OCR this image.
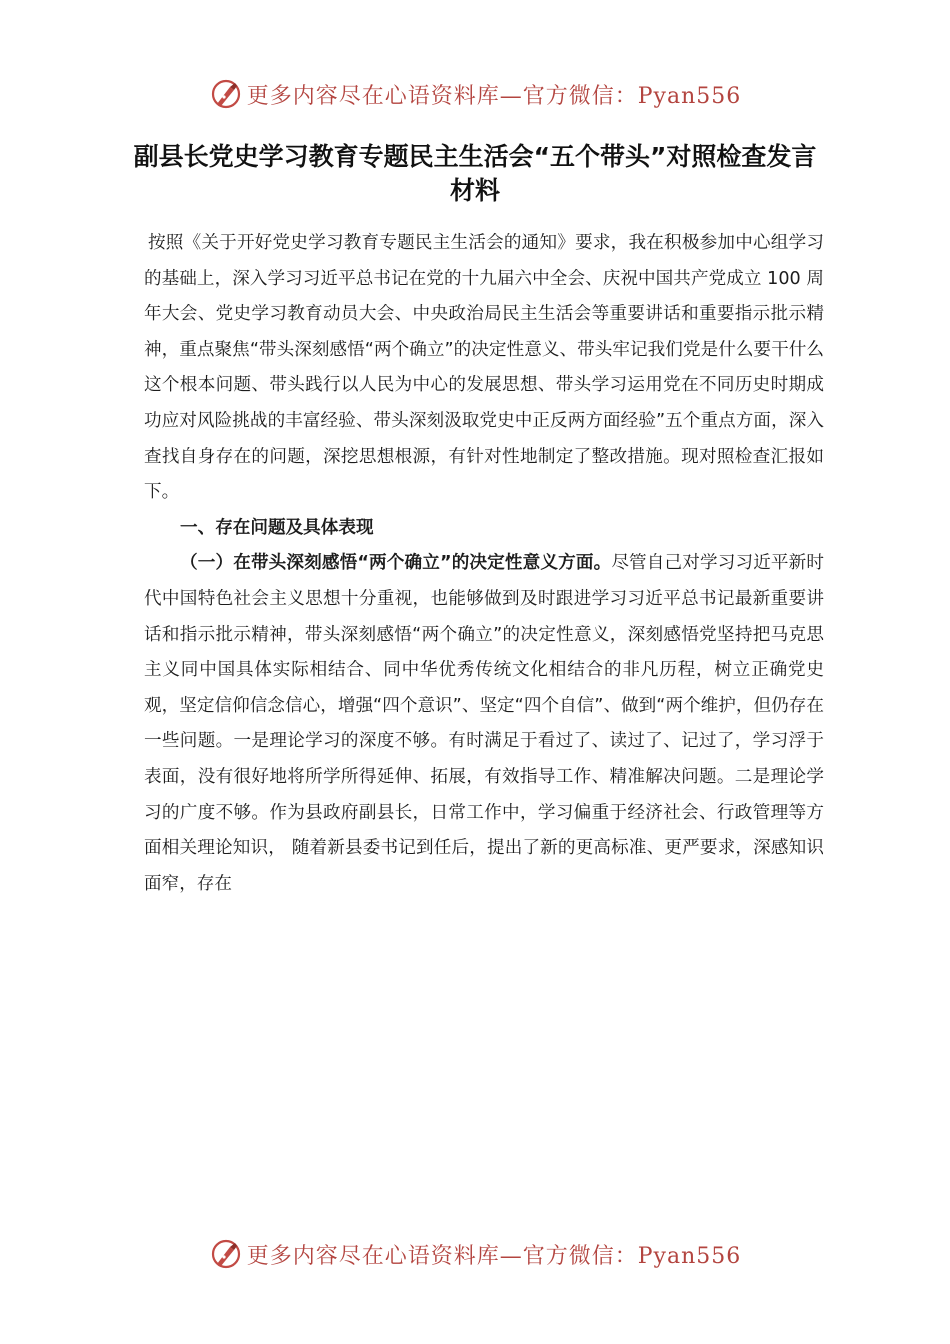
更多内容尽在心语资料库—官方微信：Pyan556
副县长党史学习教育专题民主生活会“五个带头”对照检查发言材料

按照《关于开好党史学习教育专题民主生活会的通知》要求，我在积极参加中心组学习的基础上，深入学习习近平总书记在党的十九届六中全会、庆祝中国共产党成立 100 周年大会、党史学习教育动员大会、中央政治局民主生活会等重要讲话和重要指示批示精神，重点聚焦“带头深刻感悟“两个确立”的决定性意义、带头牢记我们党是什么要干什么这个根本问题、带头践行以人民为中心的发展思想、带头学习运用党在不同历史时期成功应对风险挑战的丰富经验、带头深刻汲取党史中正反两方面经验”五个重点方面，深入查找自身存在的问题，深挖思想根源，有针对性地制定了整改措施。现对照检查汇报如下。

一、存在问题及具体表现

（一）在带头深刻感悟“两个确立”的决定性意义方面。尽管自己对学习习近平新时代中国特色社会主义思想十分重视，也能够做到及时跟进学习习近平总书记最新重要讲话和指示批示精神，带头深刻感悟“两个确立”的决定性意义，深刻感悟党坚持把马克思主义同中国具体实际相结合、同中华优秀传统文化相结合的非凡历程，树立正确党史观，坚定信仰信念信心，增强“四个意识”、坚定“四个自信”、做到“两个维护，但仍存在一些问题。一是理论学习的深度不够。有时满足于看过了、读过了、记过了，学习浮于表面，没有很好地将所学所得延伸、拓展，有效指导工作、精准解决问题。二是理论学习的广度不够。作为县政府副县长，日常工作中，学习偏重于经济社会、行政管理等方面相关理论知识， 随着新县委书记到任后，提出了新的更高标准、更严要求，深感知识面窄，存在

更多内容尽在心语资料库—官方微信：Pyan556
